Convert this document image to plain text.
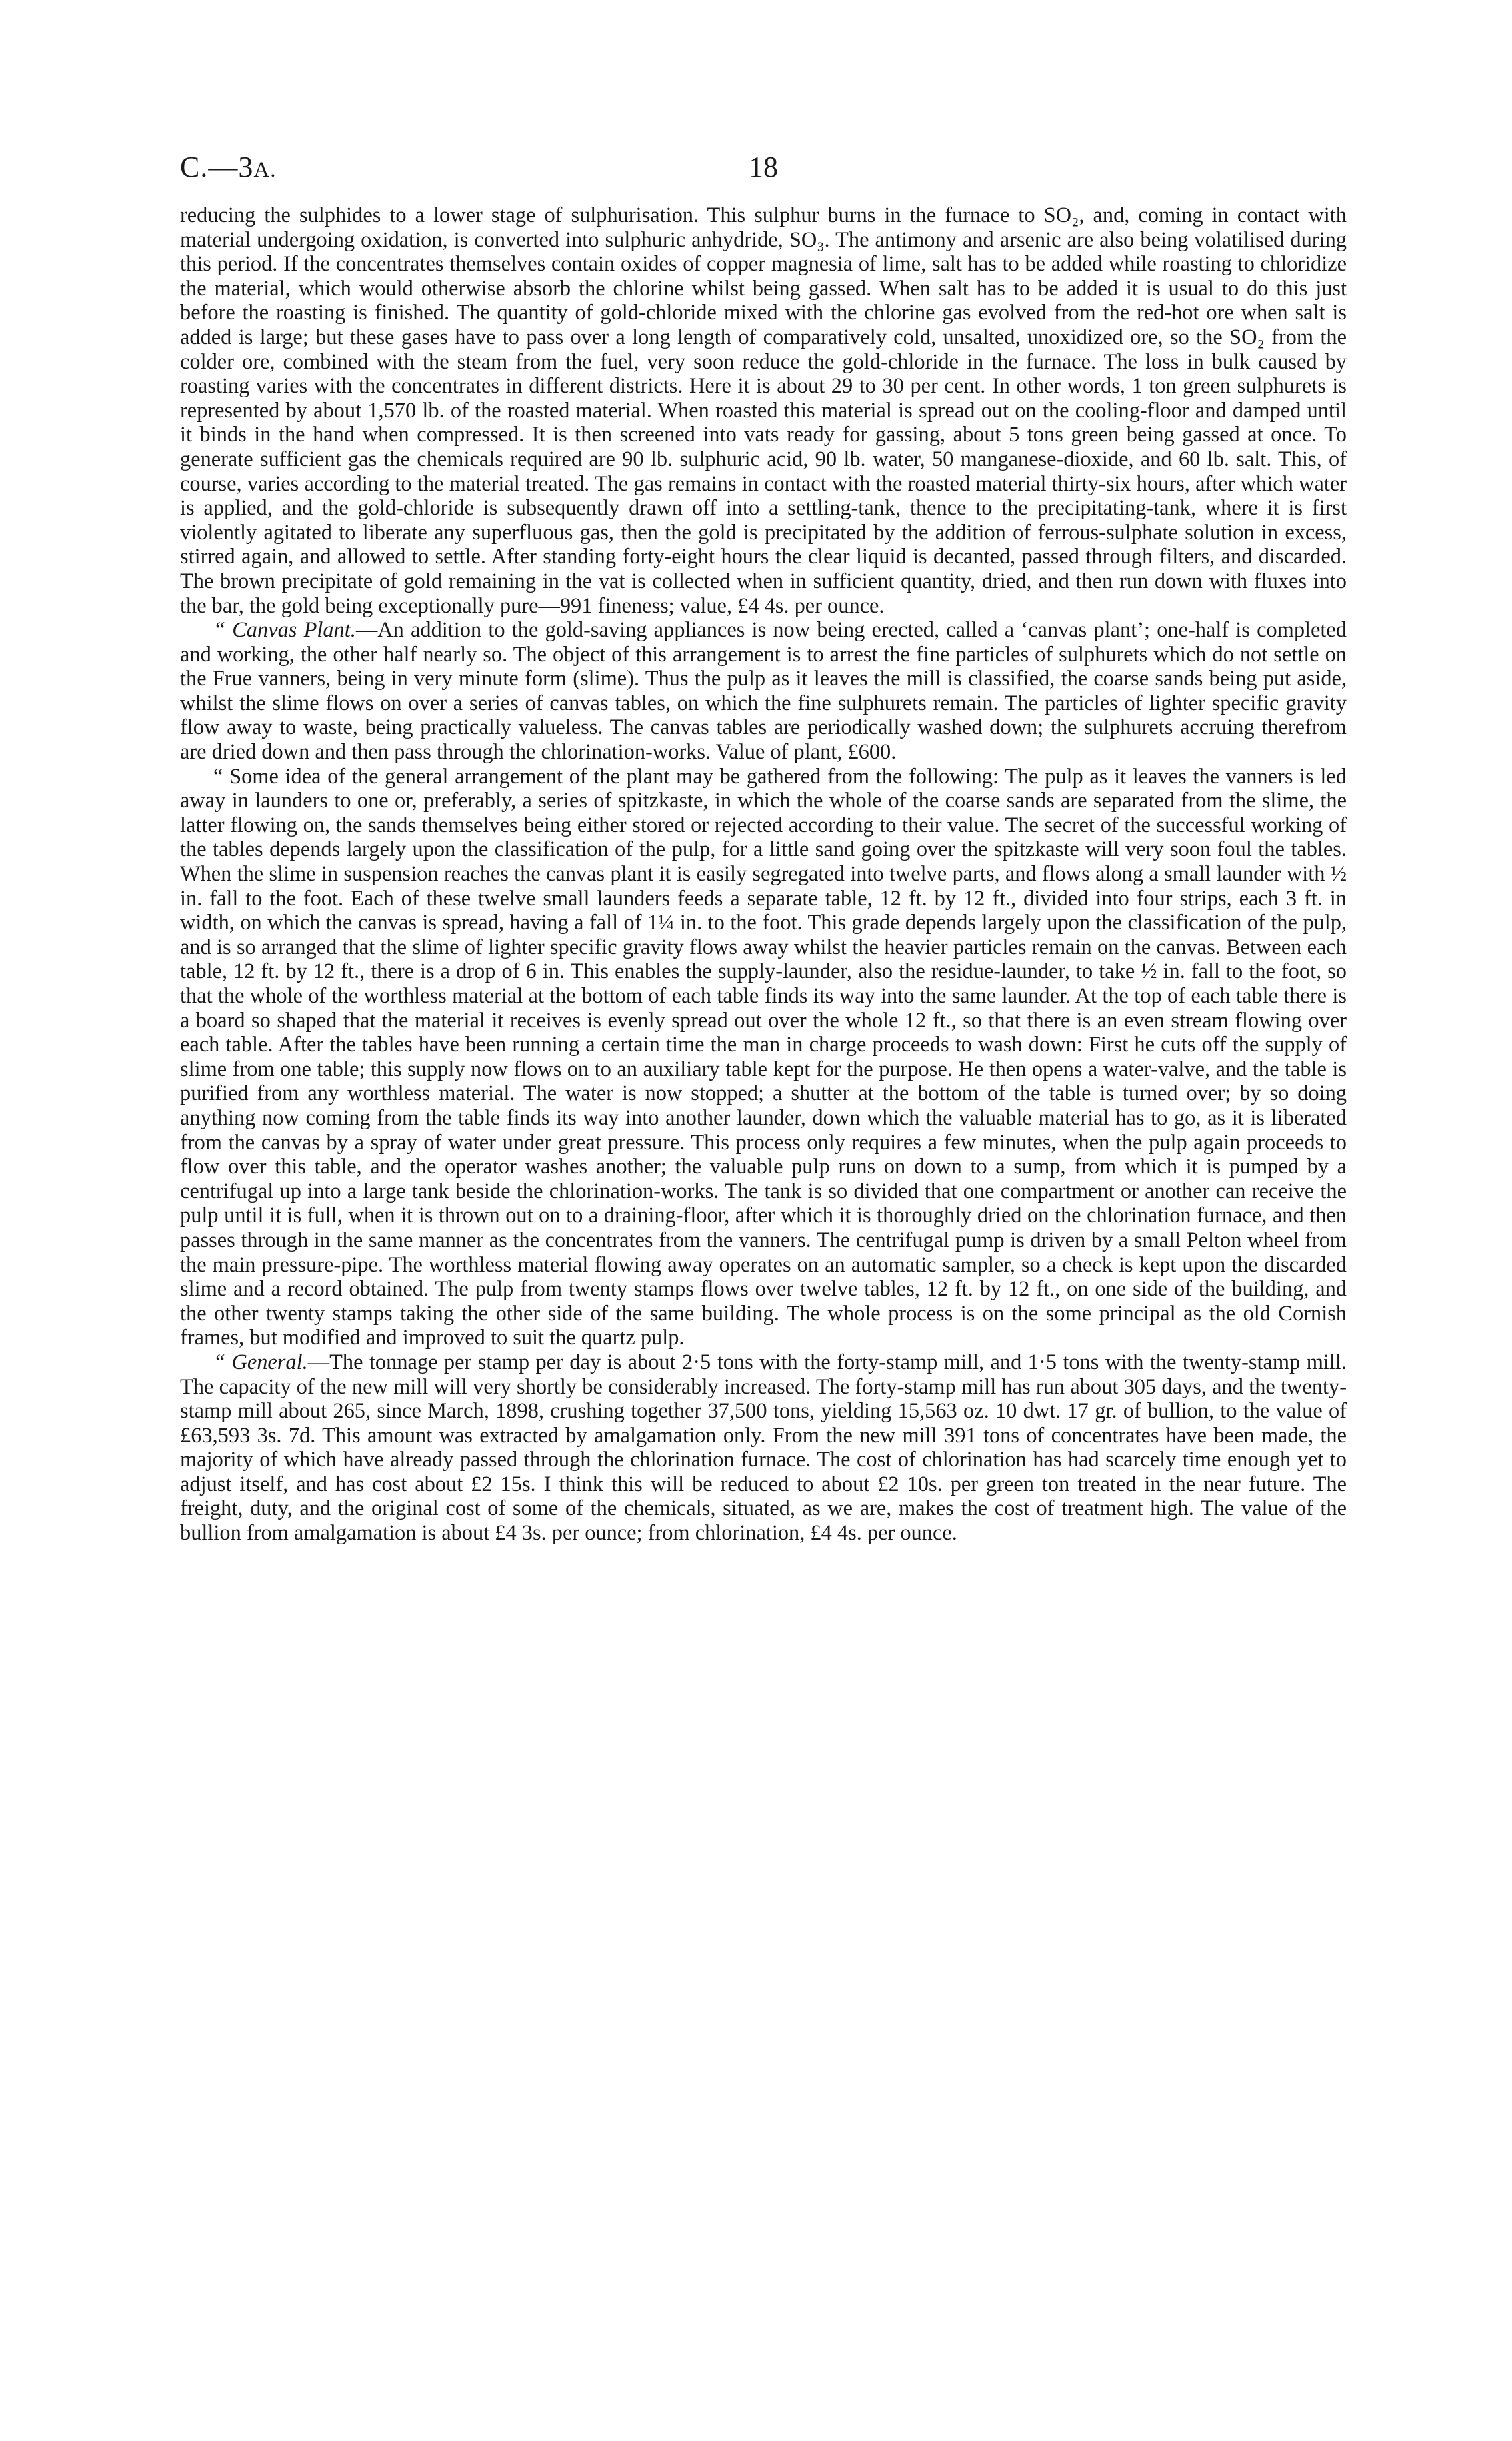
C.—3A.	18

reducing the sulphides to a lower stage of sulphurisation. This sulphur burns in the furnace to SO₂, and, coming in contact with material undergoing oxidation, is converted into sulphuric anhydride, SO₃. The antimony and arsenic are also being volatilised during this period. If the concentrates themselves contain oxides of copper magnesia of lime, salt has to be added while roasting to chloridize the material, which would otherwise absorb the chlorine whilst being gassed. When salt has to be added it is usual to do this just before the roasting is finished. The quantity of gold-chloride mixed with the chlorine gas evolved from the red-hot ore when salt is added is large; but these gases have to pass over a long length of comparatively cold, unsalted, unoxidized ore, so the SO₂ from the colder ore, combined with the steam from the fuel, very soon reduce the gold-chloride in the furnace. The loss in bulk caused by roasting varies with the concentrates in different districts. Here it is about 29 to 30 per cent. In other words, 1 ton green sulphurets is represented by about 1,570 lb. of the roasted material. When roasted this material is spread out on the cooling-floor and damped until it binds in the hand when compressed. It is then screened into vats ready for gassing, about 5 tons green being gassed at once. To generate sufficient gas the chemicals required are 90 lb. sulphuric acid, 90 lb. water, 50 manganese-dioxide, and 60 lb. salt. This, of course, varies according to the material treated. The gas remains in contact with the roasted material thirty-six hours, after which water is applied, and the gold-chloride is subsequently drawn off into a settling-tank, thence to the precipitating-tank, where it is first violently agitated to liberate any superfluous gas, then the gold is precipitated by the addition of ferrous-sulphate solution in excess, stirred again, and allowed to settle. After standing forty-eight hours the clear liquid is decanted, passed through filters, and discarded. The brown precipitate of gold remaining in the vat is collected when in sufficient quantity, dried, and then run down with fluxes into the bar, the gold being exceptionally pure—991 fineness; value, £4 4s. per ounce.

“ Canvas Plant.—An addition to the gold-saving appliances is now being erected, called a ‘canvas plant’; one-half is completed and working, the other half nearly so. The object of this arrangement is to arrest the fine particles of sulphurets which do not settle on the Frue vanners, being in very minute form (slime). Thus the pulp as it leaves the mill is classified, the coarse sands being put aside, whilst the slime flows on over a series of canvas tables, on which the fine sulphurets remain. The particles of lighter specific gravity flow away to waste, being practically valueless. The canvas tables are periodically washed down; the sulphurets accruing therefrom are dried down and then pass through the chlorination-works. Value of plant, £600.

“ Some idea of the general arrangement of the plant may be gathered from the following: The pulp as it leaves the vanners is led away in launders to one or, preferably, a series of spitzkaste, in which the whole of the coarse sands are separated from the slime, the latter flowing on, the sands themselves being either stored or rejected according to their value. The secret of the successful working of the tables depends largely upon the classification of the pulp, for a little sand going over the spitzkaste will very soon foul the tables. When the slime in suspension reaches the canvas plant it is easily segregated into twelve parts, and flows along a small launder with ½ in. fall to the foot. Each of these twelve small launders feeds a separate table, 12 ft. by 12 ft., divided into four strips, each 3 ft. in width, on which the canvas is spread, having a fall of 1¼ in. to the foot. This grade depends largely upon the classification of the pulp, and is so arranged that the slime of lighter specific gravity flows away whilst the heavier particles remain on the canvas. Between each table, 12 ft. by 12 ft., there is a drop of 6 in. This enables the supply-launder, also the residue-launder, to take ½ in. fall to the foot, so that the whole of the worthless material at the bottom of each table finds its way into the same launder. At the top of each table there is a board so shaped that the material it receives is evenly spread out over the whole 12 ft., so that there is an even stream flowing over each table. After the tables have been running a certain time the man in charge proceeds to wash down: First he cuts off the supply of slime from one table; this supply now flows on to an auxiliary table kept for the purpose. He then opens a water-valve, and the table is purified from any worthless material. The water is now stopped; a shutter at the bottom of the table is turned over; by so doing anything now coming from the table finds its way into another launder, down which the valuable material has to go, as it is liberated from the canvas by a spray of water under great pressure. This process only requires a few minutes, when the pulp again proceeds to flow over this table, and the operator washes another; the valuable pulp runs on down to a sump, from which it is pumped by a centrifugal up into a large tank beside the chlorination-works. The tank is so divided that one compartment or another can receive the pulp until it is full, when it is thrown out on to a draining-floor, after which it is thoroughly dried on the chlorination furnace, and then passes through in the same manner as the concentrates from the vanners. The centrifugal pump is driven by a small Pelton wheel from the main pressure-pipe. The worthless material flowing away operates on an automatic sampler, so a check is kept upon the discarded slime and a record obtained. The pulp from twenty stamps flows over twelve tables, 12 ft. by 12 ft., on one side of the building, and the other twenty stamps taking the other side of the same building. The whole process is on the some principal as the old Cornish frames, but modified and improved to suit the quartz pulp.

“ General.—The tonnage per stamp per day is about 2·5 tons with the forty-stamp mill, and 1·5 tons with the twenty-stamp mill. The capacity of the new mill will very shortly be considerably increased. The forty-stamp mill has run about 305 days, and the twenty-stamp mill about 265, since March, 1898, crushing together 37,500 tons, yielding 15,563 oz. 10 dwt. 17 gr. of bullion, to the value of £63,593 3s. 7d. This amount was extracted by amalgamation only. From the new mill 391 tons of concentrates have been made, the majority of which have already passed through the chlorination furnace. The cost of chlorination has had scarcely time enough yet to adjust itself, and has cost about £2 15s. I think this will be reduced to about £2 10s. per green ton treated in the near future. The freight, duty, and the original cost of some of the chemicals, situated, as we are, makes the cost of treatment high. The value of the bullion from amalgamation is about £4 3s. per ounce; from chlorination, £4 4s. per ounce.
